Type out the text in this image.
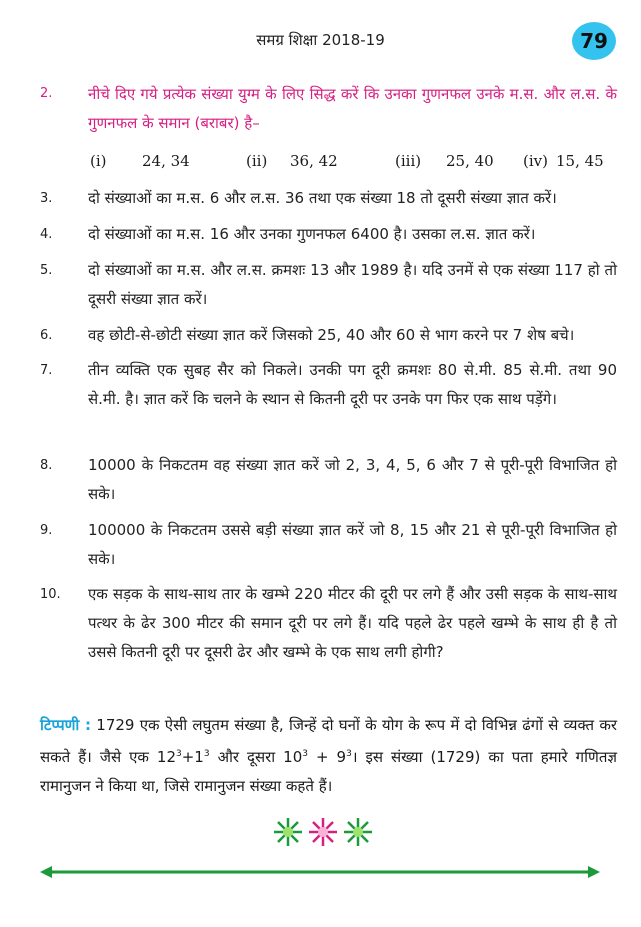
समग्र शिक्षा 2018-19	79
2. नीचे दिए गये प्रत्येक संख्या युग्म के लिए सिद्ध करें कि उनका गुणनफल उनके म.स. और ल.स. के गुणनफल के समान (बराबर) है–
(i) 24, 34	(ii) 36, 42	(iii) 25, 40 (iv) 15, 45
3. दो संख्याओं का म.स. 6 और ल.स. 36 तथा एक संख्या 18 तो दूसरी संख्या ज्ञात करें।
4. दो संख्याओं का म.स. 16 और उनका गुणनफल 6400 है। उसका ल.स. ज्ञात करें।
5. दो संख्याओं का म.स. और ल.स. क्रमशः 13 और 1989 है। यदि उनमें से एक संख्या 117 हो तो दूसरी संख्या ज्ञात करें।
6. वह छोटी-से-छोटी संख्या ज्ञात करें जिसको 25, 40 और 60 से भाग करने पर 7 शेष बचे।
7. तीन व्यक्ति एक सुबह सैर को निकले। उनकी पग दूरी क्रमशः 80 से.मी. 85 से.मी. तथा 90 से.मी. है। ज्ञात करें कि चलने के स्थान से कितनी दूरी पर उनके पग फिर एक साथ पड़ेंगे।
8. 10000 के निकटतम वह संख्या ज्ञात करें जो 2, 3, 4, 5, 6 और 7 से पूरी-पूरी विभाजित हो सके।
9. 100000 के निकटतम उससे बड़ी संख्या ज्ञात करें जो 8, 15 और 21 से पूरी-पूरी विभाजित हो सके।
10. एक सड़क के साथ-साथ तार के खम्भे 220 मीटर की दूरी पर लगे हैं और उसी सड़क के साथ-साथ पत्थर के ढेर 300 मीटर की समान दूरी पर लगे हैं। यदि पहले ढेर पहले खम्भे के साथ ही है तो उससे कितनी दूरी पर दूसरी ढेर और खम्भे के एक साथ लगी होगी?
टिप्पणी : 1729 एक ऐसी लघुतम संख्या है, जिन्हें दो घनों के योग के रूप में दो विभिन्न ढंगों से व्यक्त कर सकते हैं। जैसे एक $12^3+1^3$ और दूसरा $10^3$ + $9^3।$ इस संख्या (1729) का पता हमारे गणितज्ञ रामानुजन ने किया था, जिसे रामानुजन संख्या कहते हैं।
